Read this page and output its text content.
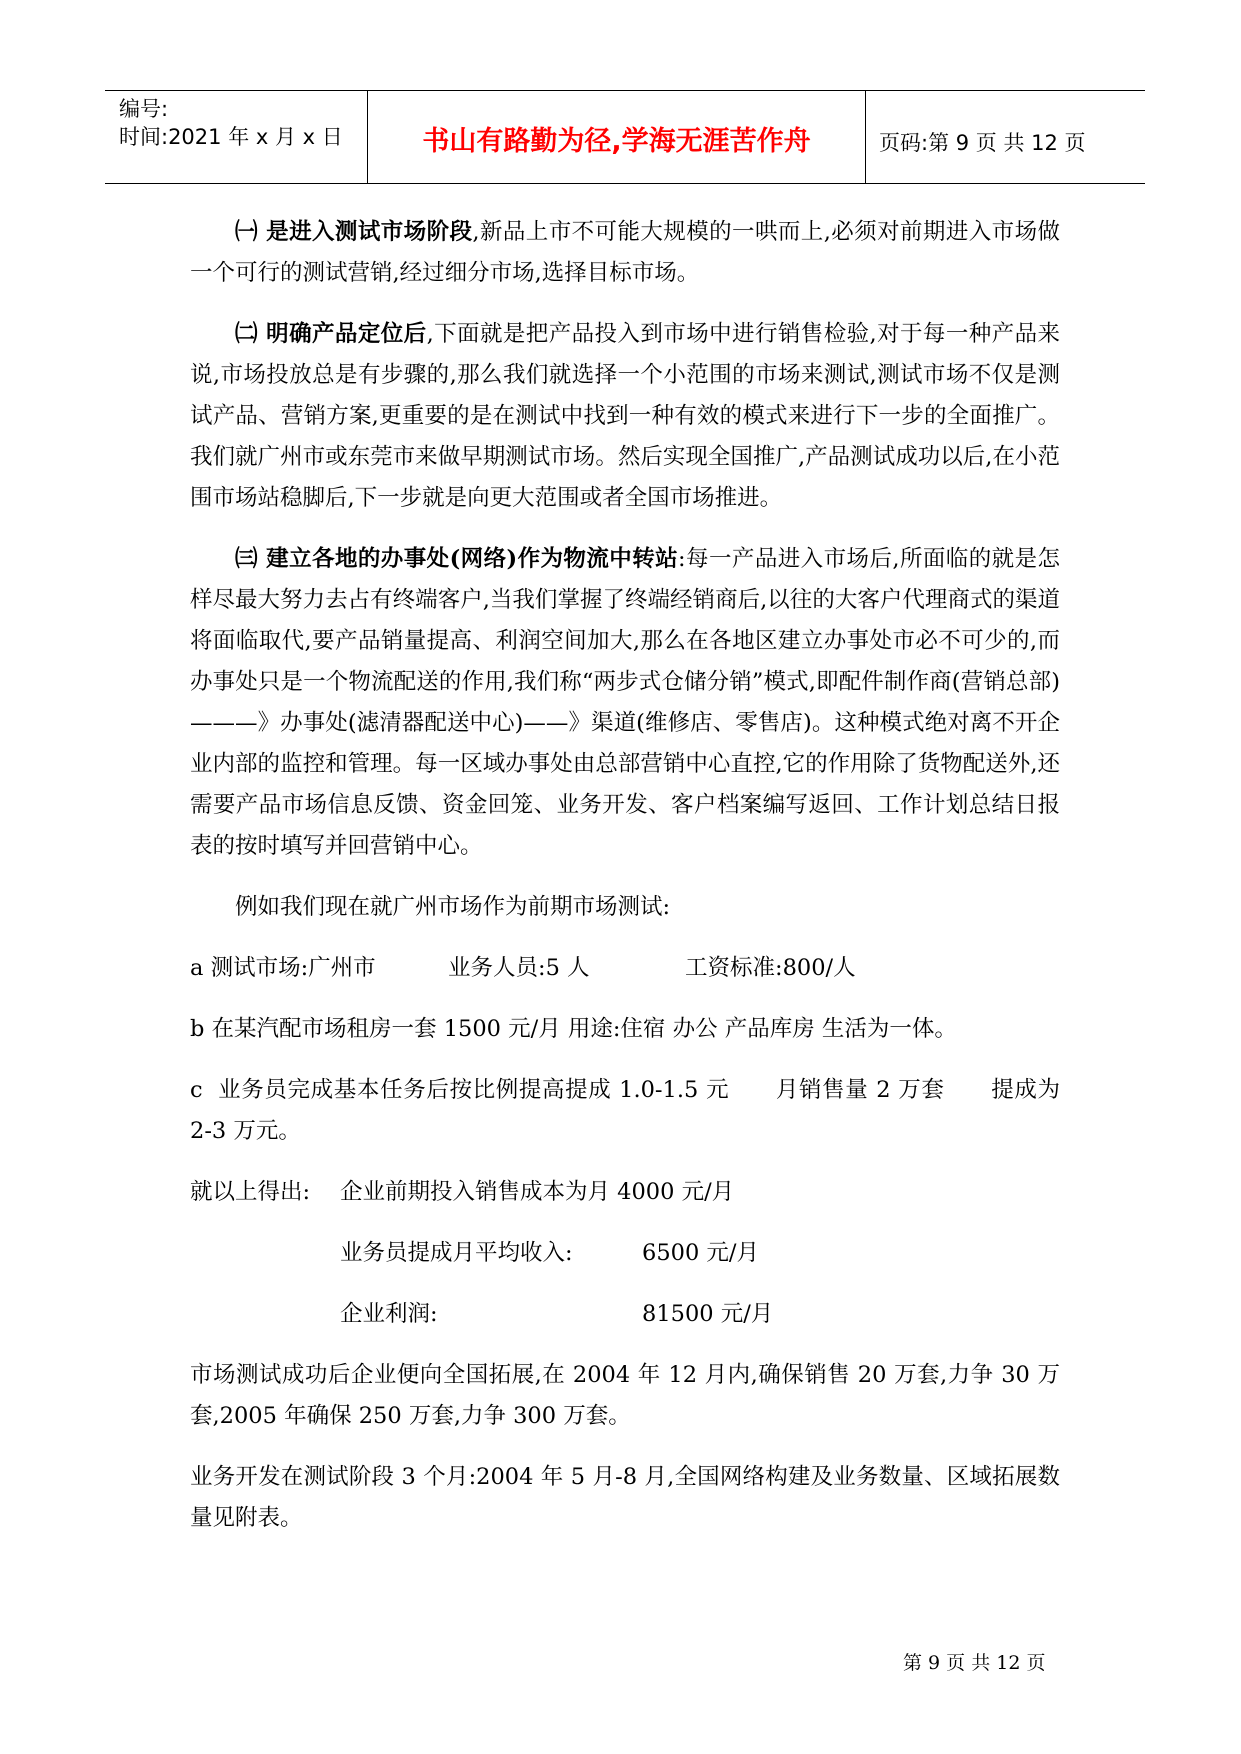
编号:
时间:2021 年 x 月 x 日	书山有路勤为径,学海无涯苦作舟	页码:第 9 页 共 12 页

㈠ 是进入测试市场阶段,新品上市不可能大规模的一哄而上,必须对前期进入市场做一个可行的测试营销,经过细分市场,选择目标市场。

㈡ 明确产品定位后,下面就是把产品投入到市场中进行销售检验,对于每一种产品来说,市场投放总是有步骤的,那么我们就选择一个小范围的市场来测试,测试市场不仅是测试产品、营销方案,更重要的是在测试中找到一种有效的模式来进行下一步的全面推广。我们就广州市或东莞市来做早期测试市场。然后实现全国推广,产品测试成功以后,在小范围市场站稳脚后,下一步就是向更大范围或者全国市场推进。

㈢ 建立各地的办事处(网络)作为物流中转站:每一产品进入市场后,所面临的就是怎样尽最大努力去占有终端客户,当我们掌握了终端经销商后,以往的大客户代理商式的渠道将面临取代,要产品销量提高、利润空间加大,那么在各地区建立办事处市必不可少的,而办事处只是一个物流配送的作用,我们称“两步式仓储分销”模式,即配件制作商(营销总部)———》办事处(滤清器配送中心)——》渠道(维修店、零售店)。这种模式绝对离不开企业内部的监控和管理。每一区域办事处由总部营销中心直控,它的作用除了货物配送外,还需要产品市场信息反馈、资金回笼、业务开发、客户档案编写返回、工作计划总结日报表的按时填写并回营销中心。

例如我们现在就广州市场作为前期市场测试:

a 测试市场:广州市	业务人员:5 人	工资标准:800/人

b 在某汽配市场租房一套 1500 元/月 用途:住宿 办公 产品库房 生活为一体。

c  业务员完成基本任务后按比例提高提成 1.0-1.5 元      月销售量 2 万套      提成为 2-3 万元。

就以上得出: 企业前期投入销售成本为月 4000 元/月
业务员提成月平均收入:	6500 元/月
企业利润:	81500 元/月

市场测试成功后企业便向全国拓展,在 2004 年 12 月内,确保销售 20 万套,力争 30 万套,2005 年确保 250 万套,力争 300 万套。

业务开发在测试阶段 3 个月:2004 年 5 月-8 月,全国网络构建及业务数量、区域拓展数量见附表。

第 9 页 共 12 页
